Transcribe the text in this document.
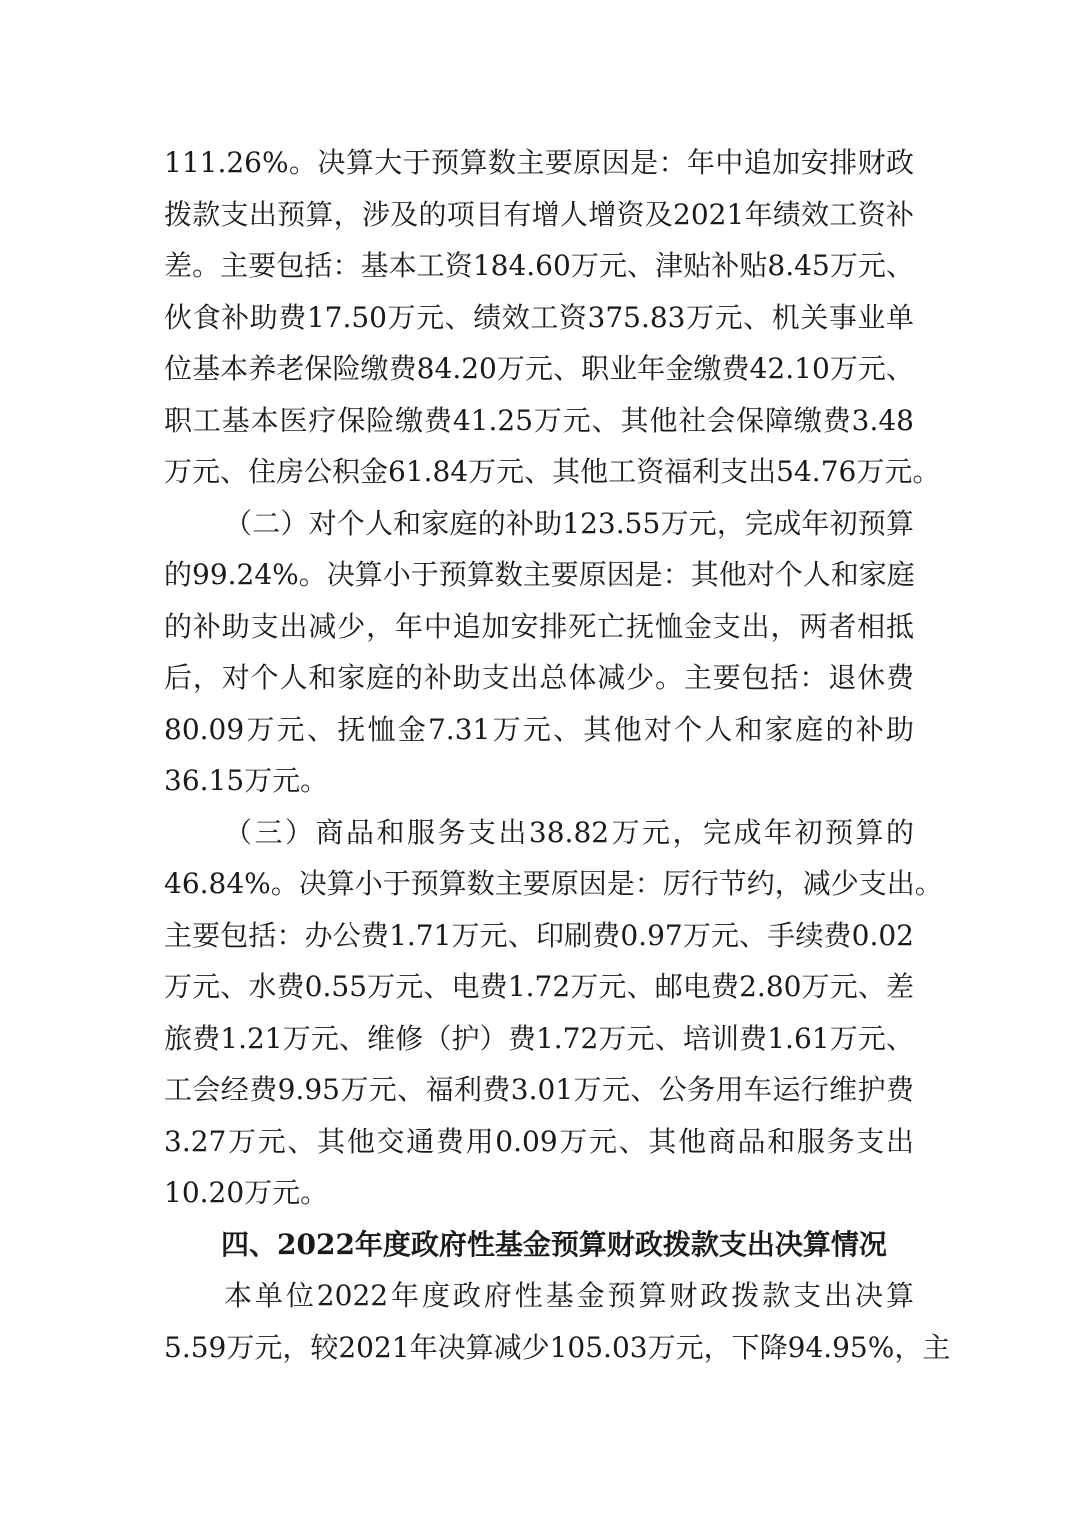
111.26%。决算大于预算数主要原因是：年中追加安排财政
拨款支出预算，涉及的项目有增人增资及2021年绩效工资补
差。主要包括：基本工资184.60万元、津贴补贴8.45万元、
伙食补助费17.50万元、绩效工资375.83万元、机关事业单
位基本养老保险缴费84.20万元、职业年金缴费42.10万元、
职工基本医疗保险缴费41.25万元、其他社会保障缴费3.48
万元、住房公积金61.84万元、其他工资福利支出54.76万元。
（二）对个人和家庭的补助123.55万元，完成年初预算
的99.24%。决算小于预算数主要原因是：其他对个人和家庭
的补助支出减少，年中追加安排死亡抚恤金支出，两者相抵
后，对个人和家庭的补助支出总体减少。主要包括：退休费
80.09万元、抚恤金7.31万元、其他对个人和家庭的补助
36.15万元。
（三）商品和服务支出38.82万元，完成年初预算的
46.84%。决算小于预算数主要原因是：厉行节约，减少支出。
主要包括：办公费1.71万元、印刷费0.97万元、手续费0.02
万元、水费0.55万元、电费1.72万元、邮电费2.80万元、差
旅费1.21万元、维修（护）费1.72万元、培训费1.61万元、
工会经费9.95万元、福利费3.01万元、公务用车运行维护费
3.27万元、其他交通费用0.09万元、其他商品和服务支出
10.20万元。
四、2022年度政府性基金预算财政拨款支出决算情况
本单位2022年度政府性基金预算财政拨款支出决算
5.59万元，较2021年决算减少105.03万元，下降94.95%，主
